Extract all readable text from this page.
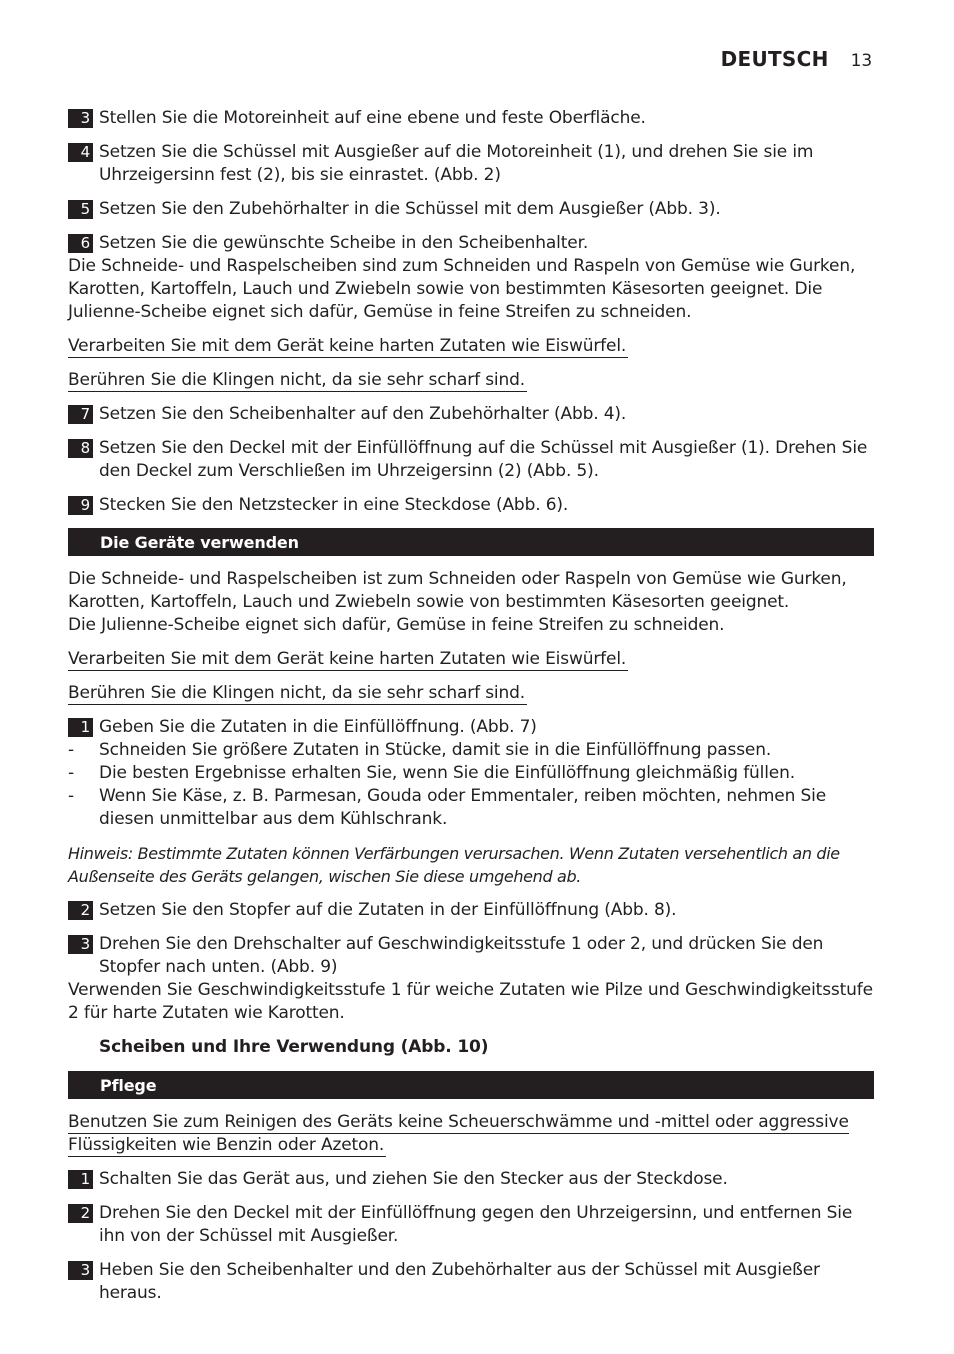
DEUTSCH 13
3 Stellen Sie die Motoreinheit auf eine ebene und feste Oberfläche.
4 Setzen Sie die Schüssel mit Ausgießer auf die Motoreinheit (1), und drehen Sie sie im Uhrzeigersinn fest (2), bis sie einrastet. (Abb. 2)
5 Setzen Sie den Zubehörhalter in die Schüssel mit dem Ausgießer (Abb. 3).
6 Setzen Sie die gewünschte Scheibe in den Scheibenhalter.
Die Schneide- und Raspelscheiben sind zum Schneiden und Raspeln von Gemüse wie Gurken, Karotten, Kartoffeln, Lauch und Zwiebeln sowie von bestimmten Käsesorten geeignet. Die Julienne-Scheibe eignet sich dafür, Gemüse in feine Streifen zu schneiden.
Verarbeiten Sie mit dem Gerät keine harten Zutaten wie Eiswürfel.
Berühren Sie die Klingen nicht, da sie sehr scharf sind.
7 Setzen Sie den Scheibenhalter auf den Zubehörhalter (Abb. 4).
8 Setzen Sie den Deckel mit der Einfüllöffnung auf die Schüssel mit Ausgießer (1). Drehen Sie den Deckel zum Verschließen im Uhrzeigersinn (2) (Abb. 5).
9 Stecken Sie den Netzstecker in eine Steckdose (Abb. 6).
Die Geräte verwenden
Die Schneide- und Raspelscheiben ist zum Schneiden oder Raspeln von Gemüse wie Gurken, Karotten, Kartoffeln, Lauch und Zwiebeln sowie von bestimmten Käsesorten geeignet.
Die Julienne-Scheibe eignet sich dafür, Gemüse in feine Streifen zu schneiden.
Verarbeiten Sie mit dem Gerät keine harten Zutaten wie Eiswürfel.
Berühren Sie die Klingen nicht, da sie sehr scharf sind.
1 Geben Sie die Zutaten in die Einfüllöffnung. (Abb. 7)
- Schneiden Sie größere Zutaten in Stücke, damit sie in die Einfüllöffnung passen.
- Die besten Ergebnisse erhalten Sie, wenn Sie die Einfüllöffnung gleichmäßig füllen.
- Wenn Sie Käse, z. B. Parmesan, Gouda oder Emmentaler, reiben möchten, nehmen Sie diesen unmittelbar aus dem Kühlschrank.
Hinweis: Bestimmte Zutaten können Verfärbungen verursachen. Wenn Zutaten versehentlich an die Außenseite des Geräts gelangen, wischen Sie diese umgehend ab.
2 Setzen Sie den Stopfer auf die Zutaten in der Einfüllöffnung (Abb. 8).
3 Drehen Sie den Drehschalter auf Geschwindigkeitsstufe 1 oder 2, und drücken Sie den Stopfer nach unten. (Abb. 9)
Verwenden Sie Geschwindigkeitsstufe 1 für weiche Zutaten wie Pilze und Geschwindigkeitsstufe 2 für harte Zutaten wie Karotten.
Scheiben und Ihre Verwendung (Abb. 10)
Pflege
Benutzen Sie zum Reinigen des Geräts keine Scheuerschwämme und -mittel oder aggressive Flüssigkeiten wie Benzin oder Azeton.
1 Schalten Sie das Gerät aus, und ziehen Sie den Stecker aus der Steckdose.
2 Drehen Sie den Deckel mit der Einfüllöffnung gegen den Uhrzeigersinn, und entfernen Sie ihn von der Schüssel mit Ausgießer.
3 Heben Sie den Scheibenhalter und den Zubehörhalter aus der Schüssel mit Ausgießer heraus.
